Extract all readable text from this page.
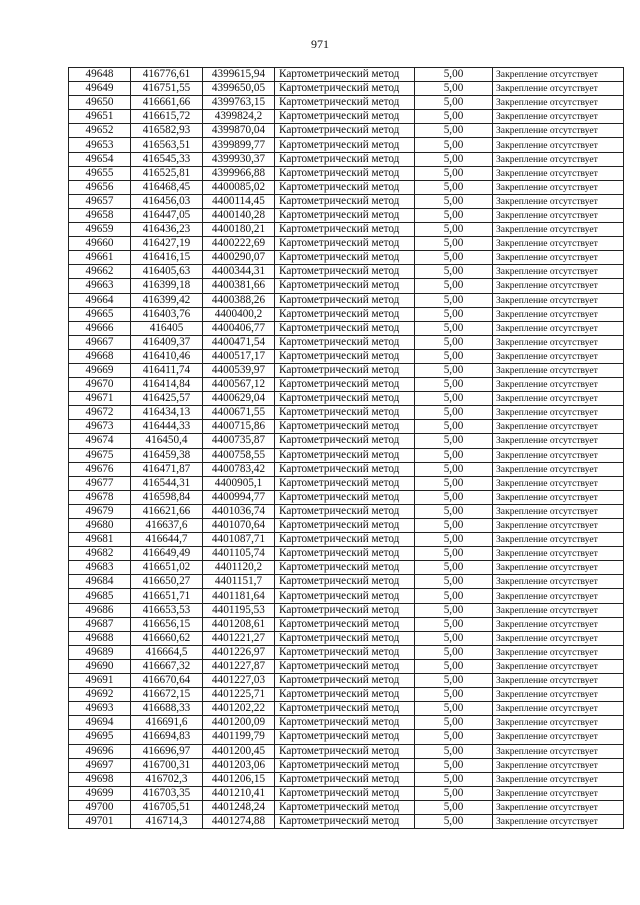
971
49648	416776,61	4399615,94	Картометрический метод	5,00	Закрепление отсутствует
49649	416751,55	4399650,05	Картометрический метод	5,00	Закрепление отсутствует
49650	416661,66	4399763,15	Картометрический метод	5,00	Закрепление отсутствует
49651	416615,72	4399824,2	Картометрический метод	5,00	Закрепление отсутствует
49652	416582,93	4399870,04	Картометрический метод	5,00	Закрепление отсутствует
49653	416563,51	4399899,77	Картометрический метод	5,00	Закрепление отсутствует
49654	416545,33	4399930,37	Картометрический метод	5,00	Закрепление отсутствует
49655	416525,81	4399966,88	Картометрический метод	5,00	Закрепление отсутствует
49656	416468,45	4400085,02	Картометрический метод	5,00	Закрепление отсутствует
49657	416456,03	4400114,45	Картометрический метод	5,00	Закрепление отсутствует
49658	416447,05	4400140,28	Картометрический метод	5,00	Закрепление отсутствует
49659	416436,23	4400180,21	Картометрический метод	5,00	Закрепление отсутствует
49660	416427,19	4400222,69	Картометрический метод	5,00	Закрепление отсутствует
49661	416416,15	4400290,07	Картометрический метод	5,00	Закрепление отсутствует
49662	416405,63	4400344,31	Картометрический метод	5,00	Закрепление отсутствует
49663	416399,18	4400381,66	Картометрический метод	5,00	Закрепление отсутствует
49664	416399,42	4400388,26	Картометрический метод	5,00	Закрепление отсутствует
49665	416403,76	4400400,2	Картометрический метод	5,00	Закрепление отсутствует
49666	416405	4400406,77	Картометрический метод	5,00	Закрепление отсутствует
49667	416409,37	4400471,54	Картометрический метод	5,00	Закрепление отсутствует
49668	416410,46	4400517,17	Картометрический метод	5,00	Закрепление отсутствует
49669	416411,74	4400539,97	Картометрический метод	5,00	Закрепление отсутствует
49670	416414,84	4400567,12	Картометрический метод	5,00	Закрепление отсутствует
49671	416425,57	4400629,04	Картометрический метод	5,00	Закрепление отсутствует
49672	416434,13	4400671,55	Картометрический метод	5,00	Закрепление отсутствует
49673	416444,33	4400715,86	Картометрический метод	5,00	Закрепление отсутствует
49674	416450,4	4400735,87	Картометрический метод	5,00	Закрепление отсутствует
49675	416459,38	4400758,55	Картометрический метод	5,00	Закрепление отсутствует
49676	416471,87	4400783,42	Картометрический метод	5,00	Закрепление отсутствует
49677	416544,31	4400905,1	Картометрический метод	5,00	Закрепление отсутствует
49678	416598,84	4400994,77	Картометрический метод	5,00	Закрепление отсутствует
49679	416621,66	4401036,74	Картометрический метод	5,00	Закрепление отсутствует
49680	416637,6	4401070,64	Картометрический метод	5,00	Закрепление отсутствует
49681	416644,7	4401087,71	Картометрический метод	5,00	Закрепление отсутствует
49682	416649,49	4401105,74	Картометрический метод	5,00	Закрепление отсутствует
49683	416651,02	4401120,2	Картометрический метод	5,00	Закрепление отсутствует
49684	416650,27	4401151,7	Картометрический метод	5,00	Закрепление отсутствует
49685	416651,71	4401181,64	Картометрический метод	5,00	Закрепление отсутствует
49686	416653,53	4401195,53	Картометрический метод	5,00	Закрепление отсутствует
49687	416656,15	4401208,61	Картометрический метод	5,00	Закрепление отсутствует
49688	416660,62	4401221,27	Картометрический метод	5,00	Закрепление отсутствует
49689	416664,5	4401226,97	Картометрический метод	5,00	Закрепление отсутствует
49690	416667,32	4401227,87	Картометрический метод	5,00	Закрепление отсутствует
49691	416670,64	4401227,03	Картометрический метод	5,00	Закрепление отсутствует
49692	416672,15	4401225,71	Картометрический метод	5,00	Закрепление отсутствует
49693	416688,33	4401202,22	Картометрический метод	5,00	Закрепление отсутствует
49694	416691,6	4401200,09	Картометрический метод	5,00	Закрепление отсутствует
49695	416694,83	4401199,79	Картометрический метод	5,00	Закрепление отсутствует
49696	416696,97	4401200,45	Картометрический метод	5,00	Закрепление отсутствует
49697	416700,31	4401203,06	Картометрический метод	5,00	Закрепление отсутствует
49698	416702,3	4401206,15	Картометрический метод	5,00	Закрепление отсутствует
49699	416703,35	4401210,41	Картометрический метод	5,00	Закрепление отсутствует
49700	416705,51	4401248,24	Картометрический метод	5,00	Закрепление отсутствует
49701	416714,3	4401274,88	Картометрический метод	5,00	Закрепление отсутствует
